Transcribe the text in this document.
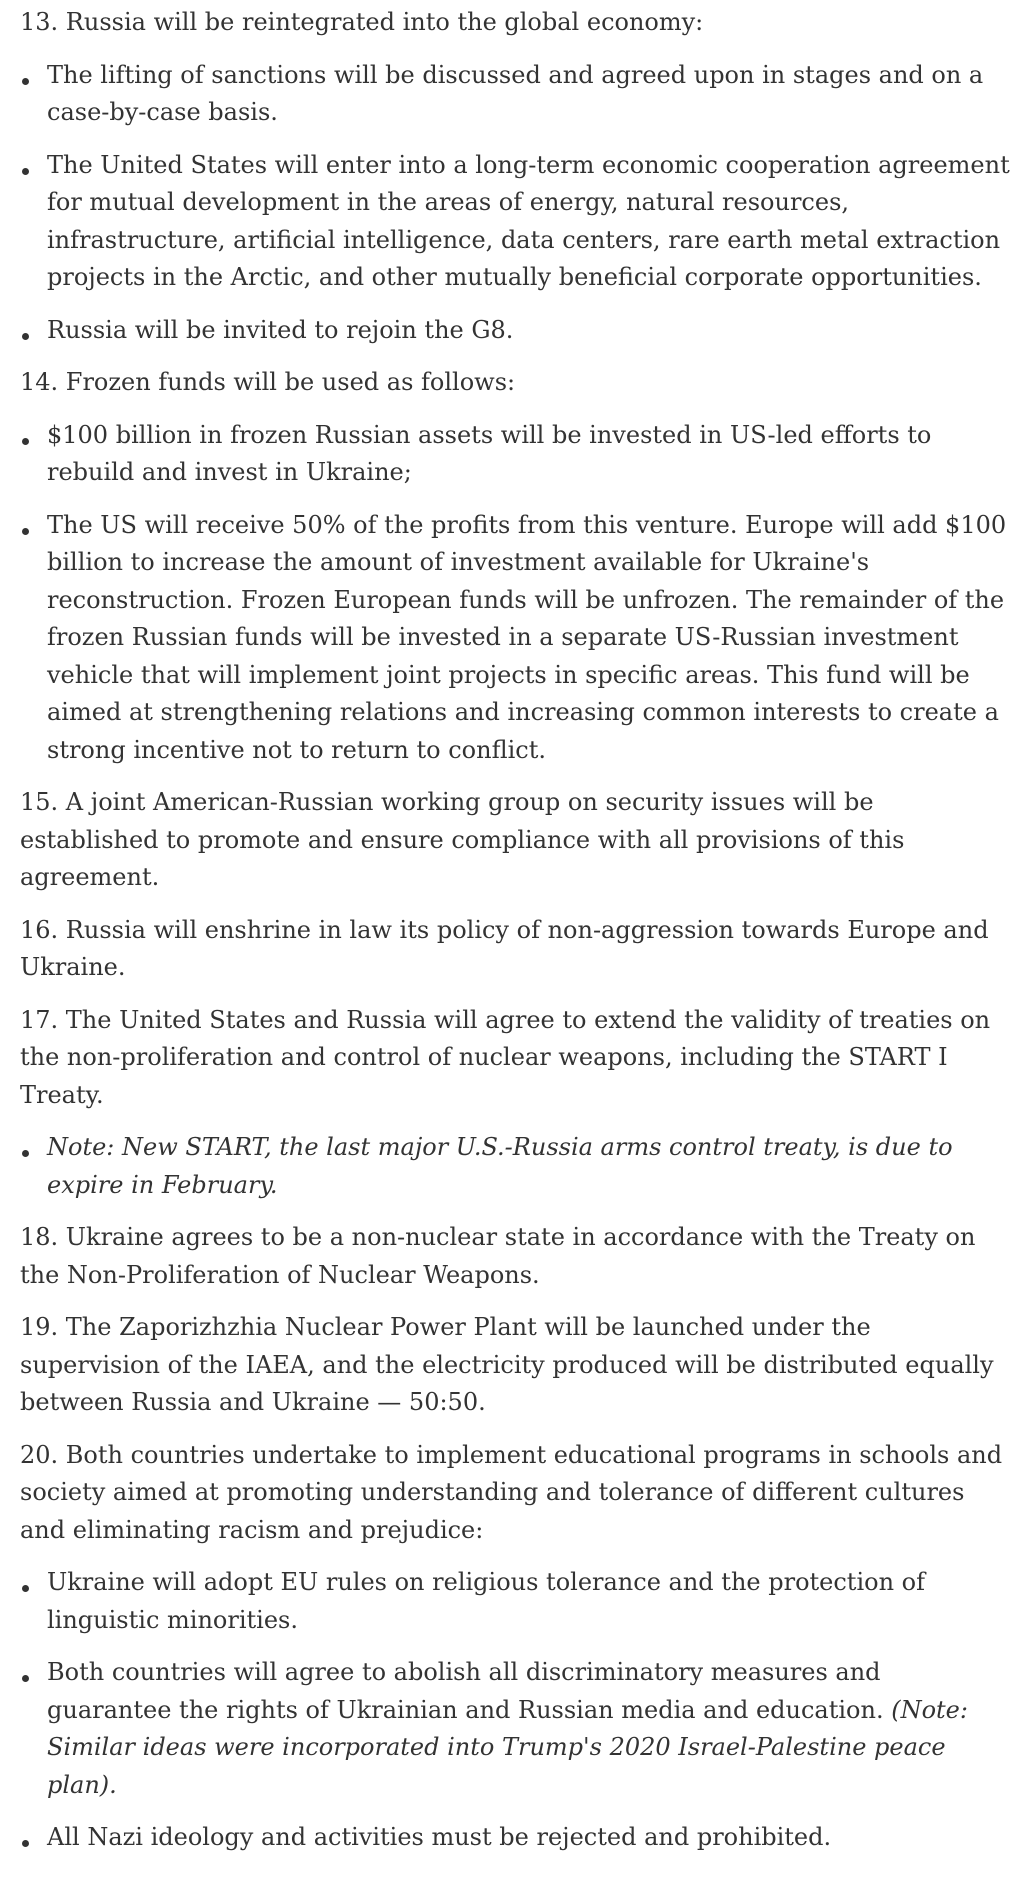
13. Russia will be reintegrated into the global economy:

The lifting of sanctions will be discussed and agreed upon in stages and on a case-by-case basis.
The United States will enter into a long-term economic cooperation agreement for mutual development in the areas of energy, natural resources, infrastructure, artificial intelligence, data centers, rare earth metal extraction projects in the Arctic, and other mutually beneficial corporate opportunities.
Russia will be invited to rejoin the G8.

14. Frozen funds will be used as follows:

$100 billion in frozen Russian assets will be invested in US-led efforts to rebuild and invest in Ukraine;
The US will receive 50% of the profits from this venture. Europe will add $100 billion to increase the amount of investment available for Ukraine's reconstruction. Frozen European funds will be unfrozen. The remainder of the frozen Russian funds will be invested in a separate US-Russian investment vehicle that will implement joint projects in specific areas. This fund will be aimed at strengthening relations and increasing common interests to create a strong incentive not to return to conflict.

15. A joint American-Russian working group on security issues will be established to promote and ensure compliance with all provisions of this agreement.

16. Russia will enshrine in law its policy of non-aggression towards Europe and Ukraine.

17. The United States and Russia will agree to extend the validity of treaties on the non-proliferation and control of nuclear weapons, including the START I Treaty.

Note: New START, the last major U.S.-Russia arms control treaty, is due to expire in February.

18. Ukraine agrees to be a non-nuclear state in accordance with the Treaty on the Non-Proliferation of Nuclear Weapons.

19. The Zaporizhzhia Nuclear Power Plant will be launched under the supervision of the IAEA, and the electricity produced will be distributed equally between Russia and Ukraine — 50:50.

20. Both countries undertake to implement educational programs in schools and society aimed at promoting understanding and tolerance of different cultures and eliminating racism and prejudice:

Ukraine will adopt EU rules on religious tolerance and the protection of linguistic minorities.
Both countries will agree to abolish all discriminatory measures and guarantee the rights of Ukrainian and Russian media and education. (Note: Similar ideas were incorporated into Trump's 2020 Israel-Palestine peace plan).
All Nazi ideology and activities must be rejected and prohibited.
